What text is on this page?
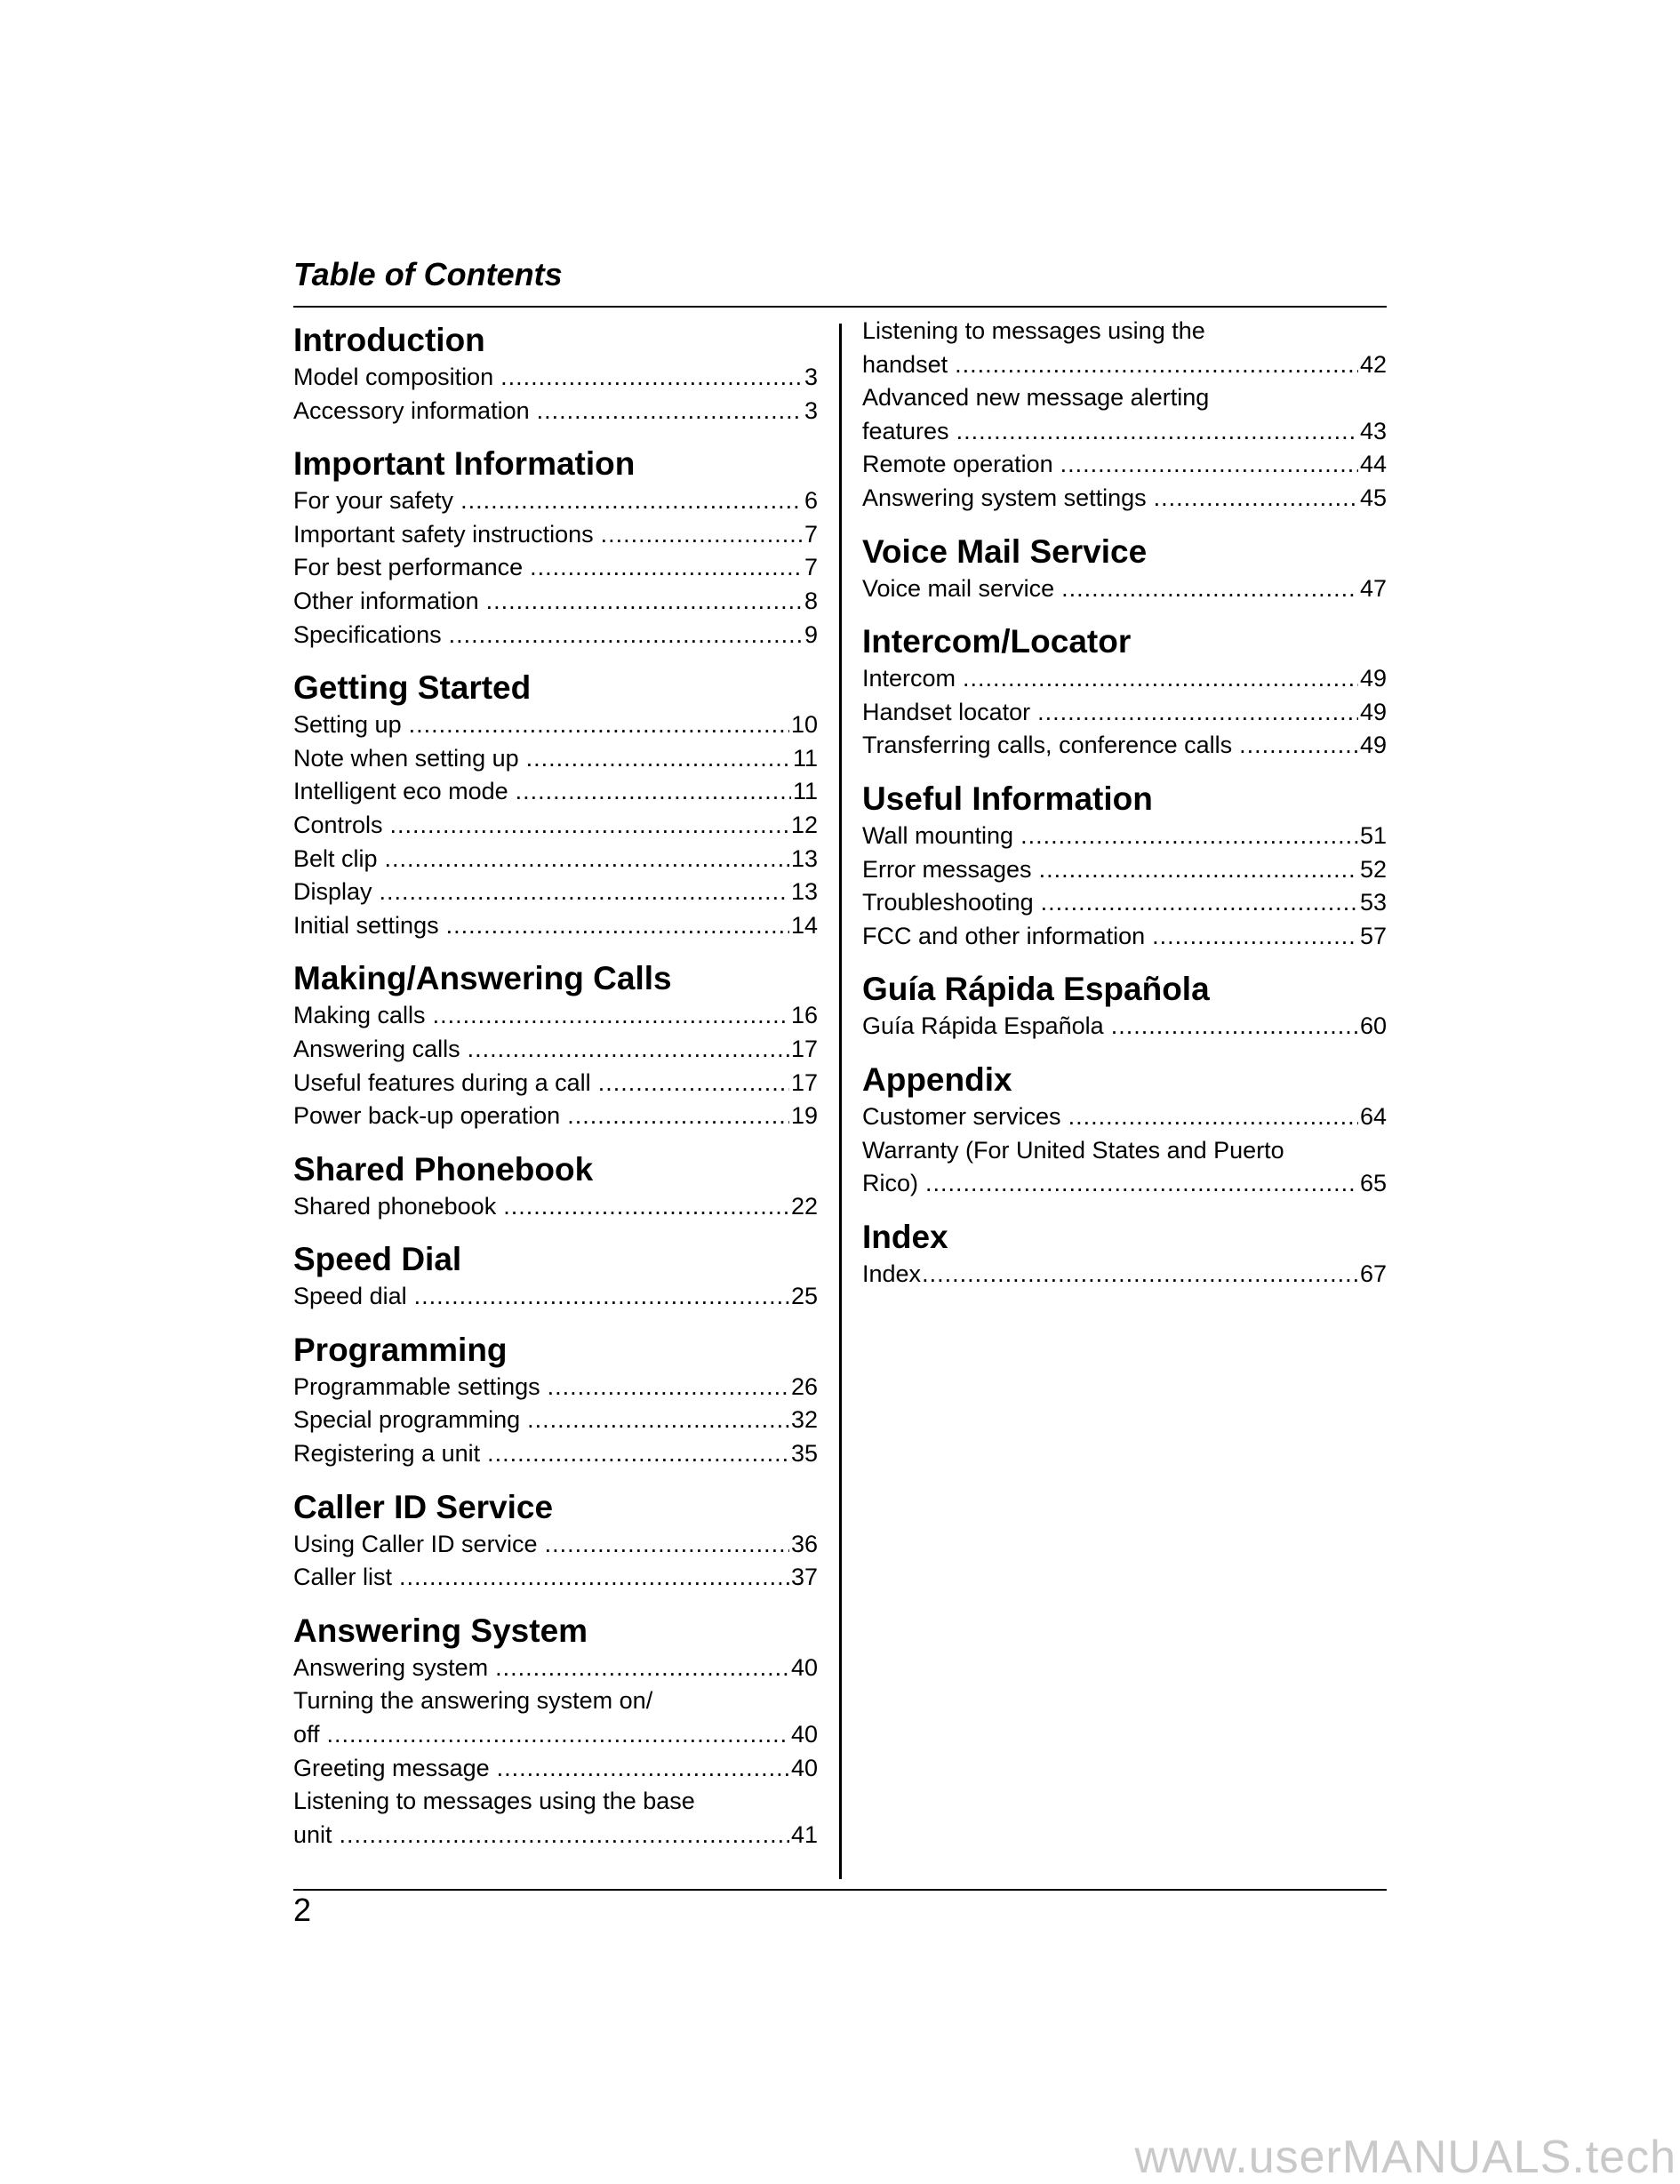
Table of Contents
Introduction
Model composition .....	3
Accessory information .....	3
Important Information
For your safety .....	6
Important safety instructions .....	7
For best performance .....	7
Other information .....	8
Specifications .....	9
Getting Started
Setting up .....	10
Note when setting up .....	11
Intelligent eco mode .....	11
Controls .....	12
Belt clip .....	13
Display .....	13
Initial settings .....	14
Making/Answering Calls
Making calls .....	16
Answering calls .....	17
Useful features during a call .....	17
Power back-up operation .....	19
Shared Phonebook
Shared phonebook .....	22
Speed Dial
Speed dial .....	25
Programming
Programmable settings .....	26
Special programming .....	32
Registering a unit .....	35
Caller ID Service
Using Caller ID service .....	36
Caller list .....	37
Answering System
Answering system .....	40
Turning the answering system on/
off .....	40
Greeting message .....	40
Listening to messages using the base
unit .....	41
Listening to messages using the
handset .....	42
Advanced new message alerting
features .....	43
Remote operation .....	44
Answering system settings .....	45
Voice Mail Service
Voice mail service .....	47
Intercom/Locator
Intercom .....	49
Handset locator .....	49
Transferring calls, conference calls .....	49
Useful Information
Wall mounting .....	51
Error messages .....	52
Troubleshooting .....	53
FCC and other information .....	57
Guía Rápida Española
Guía Rápida Española .....	60
Appendix
Customer services .....	64
Warranty (For United States and Puerto
Rico) .....	65
Index
Index .....	67
2
www.userMANUALS.tech
